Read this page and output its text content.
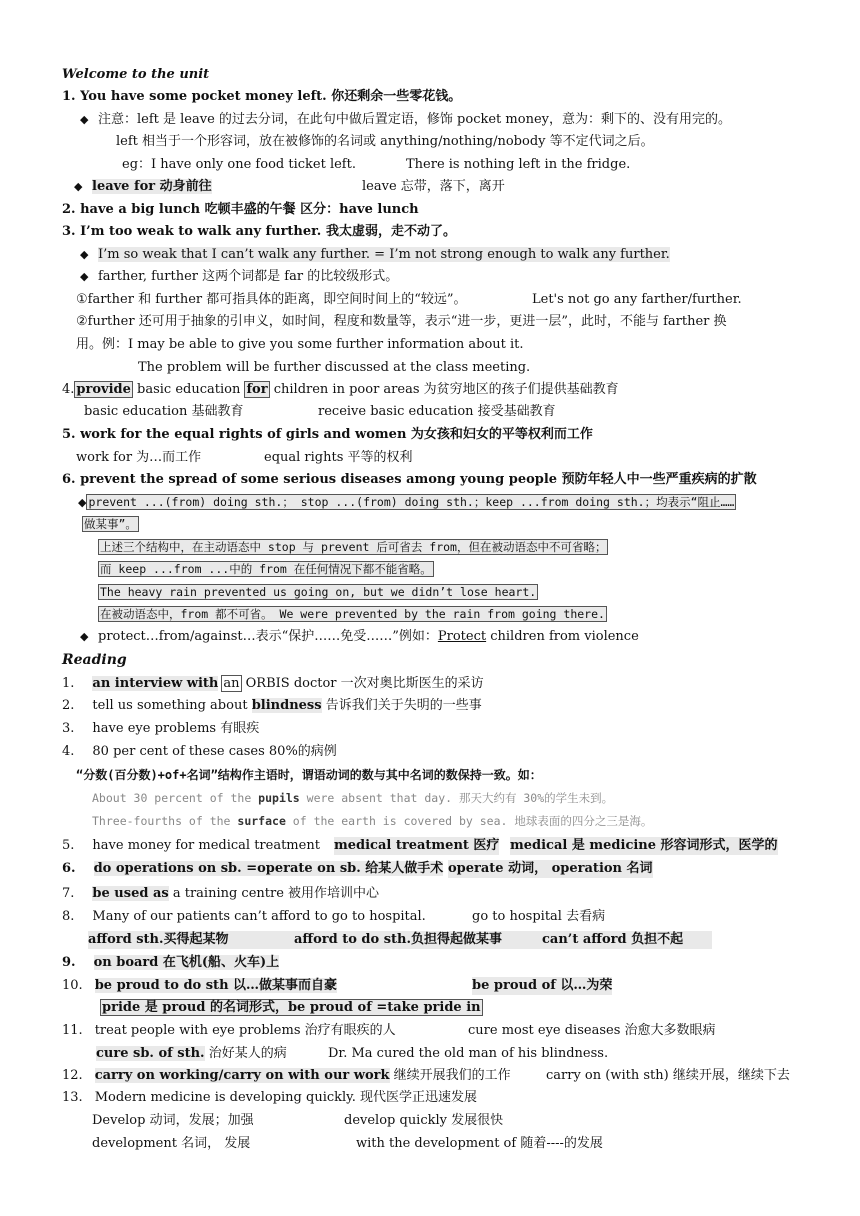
Welcome to the unit
1. You have some pocket money left. 你还剩余一些零花钱。
◆ 注意：left 是 leave 的过去分词，在此句中做后置定语，修饰 pocket money，意为：剩下的、没有用完的。
left 相当于一个形容词，放在被修饰的名词或 anything/nothing/nobody 等不定代词之后。
eg：I have only one food ticket left.	There is nothing left in the fridge.
◆ leave for 动身前往	leave 忘带，落下，离开
2. have a big lunch 吃顿丰盛的午餐 区分：have lunch
3. I’m too weak to walk any further. 我太虚弱，走不动了。
◆ I’m so weak that I can’t walk any further. = I’m not strong enough to walk any further.
◆ farther, further 这两个词都是 far 的比较级形式。
①farther 和 further 都可指具体的距离，即空间时间上的“较远”。	Let's not go any farther/further.
②further 还可用于抽象的引申义，如时间，程度和数量等，表示“进一步，更进一层”，此时，不能与 farther 换
用。例：I may be able to give you some further information about it.
The problem will be further discussed at the class meeting.
4. provide basic education for children in poor areas 为贫穷地区的孩子们提供基础教育
basic education 基础教育	receive basic education 接受基础教育
5. work for the equal rights of girls and women 为女孩和妇女的平等权利而工作
work for 为…而工作	equal rights 平等的权利
6. prevent the spread of some serious diseases among young people 预防年轻人中一些严重疾病的扩散
◆ prevent ...(from) doing sth.； stop ...(from) doing sth.；keep ...from doing sth.；均表示“阻止……
做某事”。
上述三个结构中，在主动语态中 stop 与 prevent 后可省去 from，但在被动语态中不可省略；
而 keep ...from ...中的 from 在任何情况下都不能省略。
The heavy rain prevented us going on, but we didn’t lose heart.
在被动语态中，from 都不可省。 We were prevented by the rain from going there.
◆ protect…from/against…表示“保护……免受……”例如：Protect children from violence
Reading
1. an interview with an ORBIS doctor 一次对奥比斯医生的采访
2. tell us something about blindness 告诉我们关于失明的一些事
3. have eye problems 有眼疾
4. 80 per cent of these cases 80%的病例
“分数(百分数)+of+名词”结构作主语时，谓语动词的数与其中名词的数保持一致。如：
About 30 percent of the pupils were absent that day. 那天大约有 30%的学生未到。
Three-fourths of the surface of the earth is covered by sea. 地球表面的四分之三是海。
5. have money for medical treatment medical treatment 医疗 medical 是 medicine 形容词形式，医学的
6. do operations on sb. =operate on sb. 给某人做手术 operate 动词， operation 名词
7. be used as a training centre 被用作培训中心
8. Many of our patients can’t afford to go to hospital.	go to hospital 去看病
afford sth.买得起某物	afford to do sth.负担得起做某事	can’t afford 负担不起
9. on board 在飞机(船、火车)上
10. be proud to do sth 以…做某事而自豪	be proud of 以…为荣
pride 是 proud 的名词形式，be proud of =take pride in
11. treat people with eye problems 治疗有眼疾的人	cure most eye diseases 治愈大多数眼病
cure sb. of sth. 治好某人的病	Dr. Ma cured the old man of his blindness.
12. carry on working/carry on with our work 继续开展我们的工作	carry on (with sth) 继续开展，继续下去
13. Modern medicine is developing quickly. 现代医学正迅速发展
Develop 动词，发展；加强	develop quickly 发展很快
development 名词， 发展	with the development of 随着----的发展
